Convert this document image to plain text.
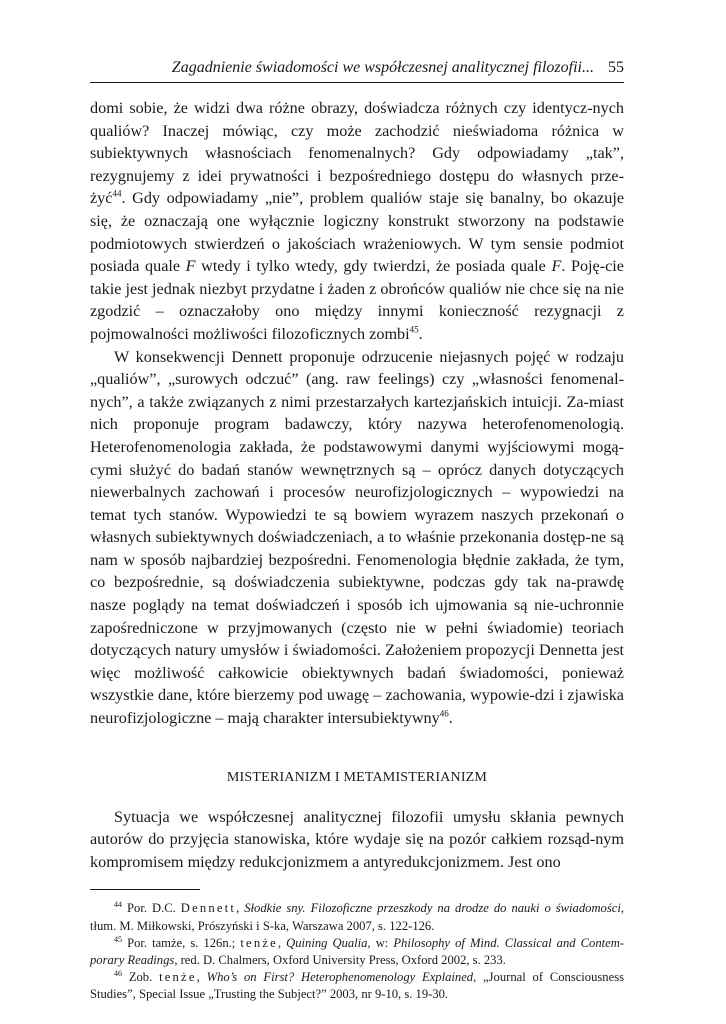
Zagadnienie świadomości we współczesnej analitycznej filozofii... 55

domi sobie, że widzi dwa różne obrazy, doświadcza różnych czy identycz-nych qualiów? Inaczej mówiąc, czy może zachodzić nieświadoma różnica w subiektywnych własnościach fenomenalnych? Gdy odpowiadamy „tak”, rezygnujemy z idei prywatności i bezpośredniego dostępu do własnych prze-żyć$^{44}$. Gdy odpowiadamy „nie”, problem qualiów staje się banalny, bo okazuje się, że oznaczają one wyłącznie logiczny konstrukt stworzony na podstawie podmiotowych stwierdzeń o jakościach wrażeniowych. W tym sensie podmiot posiada quale F wtedy i tylko wtedy, gdy twierdzi, że posiada quale F. Poję-cie takie jest jednak niezbyt przydatne i żaden z obrońców qualiów nie chce się na nie zgodzić – oznaczałoby ono między innymi konieczność rezygnacji z pojmowalności możliwości filozoficznych zombi$^{45}$.

W konsekwencji Dennett proponuje odrzucenie niejasnych pojęć w rodzaju „qualiów”, „surowych odczuć” (ang. raw feelings) czy „własności fenomenal-nych”, a także związanych z nimi przestarzałych kartezjańskich intuicji. Za-miast nich proponuje program badawczy, który nazywa heterofenomenologią. Heterofenomenologia zakłada, że podstawowymi danymi wyjściowymi mogą-cymi służyć do badań stanów wewnętrznych są – oprócz danych dotyczących niewerbalnych zachowań i procesów neurofizjologicznych – wypowiedzi na temat tych stanów. Wypowiedzi te są bowiem wyrazem naszych przekonań o własnych subiektywnych doświadczeniach, a to właśnie przekonania dostęp-ne są nam w sposób najbardziej bezpośredni. Fenomenologia błędnie zakłada, że tym, co bezpośrednie, są doświadczenia subiektywne, podczas gdy tak na-prawdę nasze poglądy na temat doświadczeń i sposób ich ujmowania są nie-uchronnie zapośredniczone w przyjmowanych (często nie w pełni świadomie) teoriach dotyczących natury umysłów i świadomości. Założeniem propozycji Dennetta jest więc możliwość całkowicie obiektywnych badań świadomości, ponieważ wszystkie dane, które bierzemy pod uwagę – zachowania, wypowie-dzi i zjawiska neurofizjologiczne – mają charakter intersubiektywny$^{46}$.

MISTERIANIZM I METAMISTERIANIZM

Sytuacja we współczesnej analitycznej filozofii umysłu skłania pewnych autorów do przyjęcia stanowiska, które wydaje się na pozór całkiem rozsąd-nym kompromisem między redukcjonizmem a antyredukcjonizmem. Jest ono

$^{44}$ Por. D.C. Dennett, Słodkie sny. Filozoficzne przeszkody na drodze do nauki o świadomości, tłum. M. Miłkowski, Prószyński i S-ka, Warszawa 2007, s. 122-126.

$^{45}$ Por. tamże, s. 126n.; tenże, Quining Qualia, w: Philosophy of Mind. Classical and Contem-porary Readings, red. D. Chalmers, Oxford University Press, Oxford 2002, s. 233.

$^{46}$ Zob. tenże, Who’s on First? Heterophenomenology Explained, „Journal of Consciousness Studies”, Special Issue „Trusting the Subject?” 2003, nr 9-10, s. 19-30.
